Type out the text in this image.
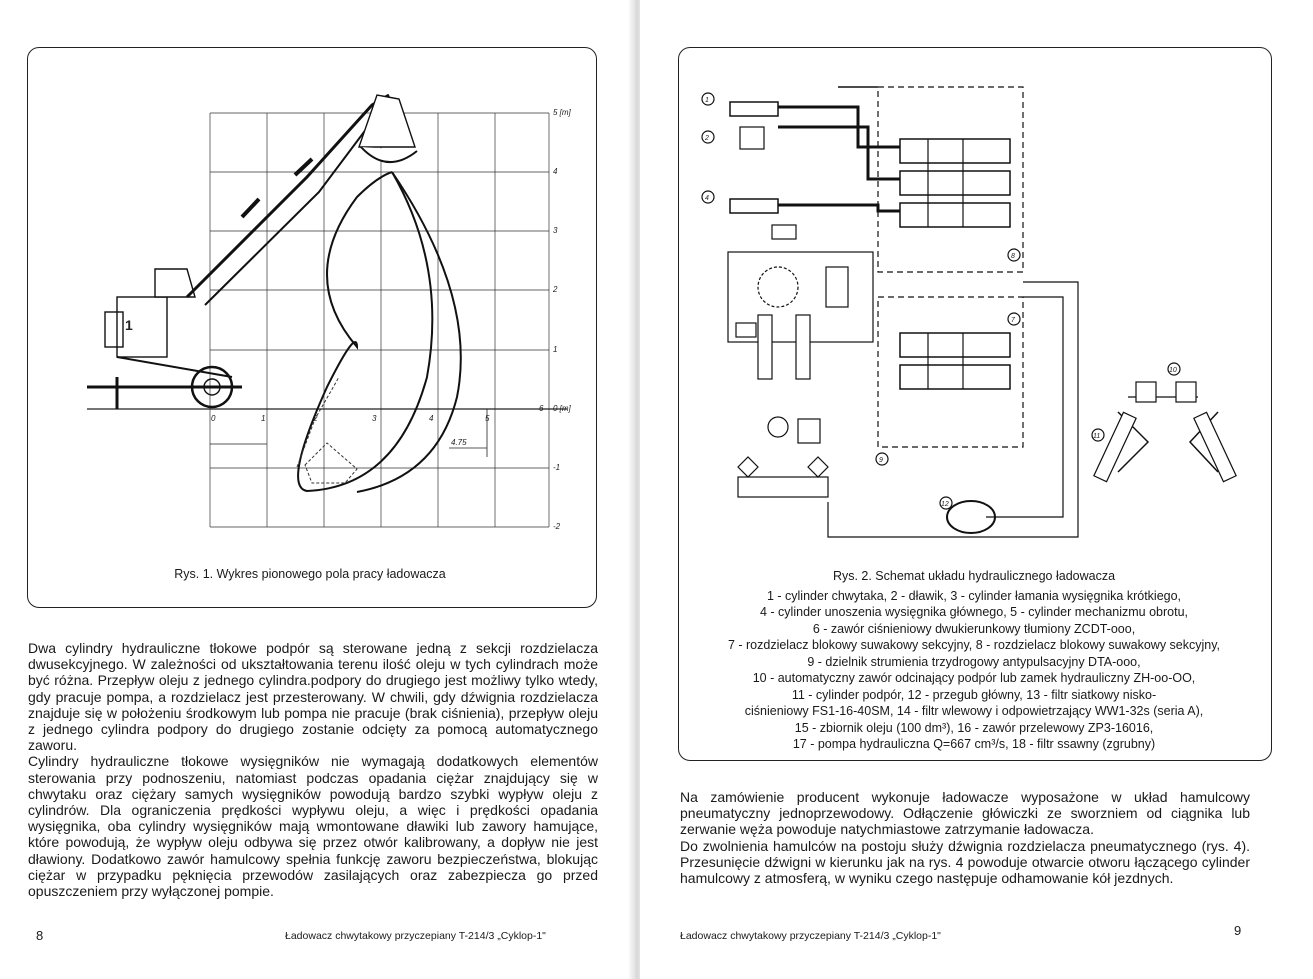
5 [m]
4
3
2
1
0 [m]
-1
-2
0	1	2	3	4	5
6
4.75
1
Rys. 1. Wykres pionowego pola pracy ładowacza

Dwa cylindry hydrauliczne tłokowe podpór są sterowane jedną z sekcji rozdzielacza dwusekcyjnego. W zależności od ukształtowania terenu ilość oleju w tych cylindrach może być różna. Przepływ oleju z jednego cylindra.podpory do drugiego jest możliwy tylko wtedy, gdy pracuje pompa, a rozdzielacz jest przesterowany. W chwili, gdy dźwignia rozdzielacza znajduje się w położeniu środkowym lub pompa nie pracuje (brak ciśnienia), przepływ oleju z jednego cylindra podpory do drugiego zostanie odcięty za pomocą automatycznego zaworu.

Cylindry hydrauliczne tłokowe wysięgników nie wymagają dodatkowych elementów sterowania przy podnoszeniu, natomiast podczas opadania ciężar znajdujący się w chwytaku oraz ciężary samych wysięgników powodują bardzo szybki wypływ oleju z cylindrów. Dla ograniczenia prędkości wypływu oleju, a więc i prędkości opadania wysięgnika, oba cylindry wysięgników mają wmontowane dławiki lub zawory hamujące, które powodują, że wypływ oleju odbywa się przez otwór kalibrowany, a dopływ nie jest dławiony. Dodatkowo zawór hamulcowy spełnia funkcję zaworu bezpieczeństwa, blokując ciężar w przypadku pęknięcia przewodów zasilających oraz zabezpiecza go przed opuszczeniem przy wyłączonej pompie.

8	Ładowacz chwytakowy przyczepiany T-214/3 „Cyklop-1"
1
2
4
8
7
9
10
11
12
Rys. 2. Schemat układu hydraulicznego ładowacza
1 - cylinder chwytaka, 2 - dławik, 3 - cylinder łamania wysięgnika krótkiego,
4 - cylinder unoszenia wysięgnika głównego, 5 - cylinder mechanizmu obrotu,
6 - zawór ciśnieniowy dwukierunkowy tłumiony ZCDT-ooo,
7 - rozdzielacz blokowy suwakowy sekcyjny, 8 - rozdzielacz blokowy suwakowy sekcyjny,
9 - dzielnik strumienia trzydrogowy antypulsacyjny DTA-ooo,
10 - automatyczny zawór odcinający podpór lub zamek hydrauliczny ZH-oo-OO,
11 - cylinder podpór, 12 - przegub główny, 13 - filtr siatkowy nisko-
ciśnieniowy FS1-16-40SM, 14 - filtr wlewowy i odpowietrzający WW1-32s (seria A),
15 - zbiornik oleju (100 dm³), 16 - zawór przelewowy ZP3-16016,
17 - pompa hydrauliczna Q=667 cm³/s, 18 - filtr ssawny (zgrubny)

Na zamówienie producent wykonuje ładowacze wyposażone w układ hamulcowy pneumatyczny jednoprzewodowy. Odłączenie główiczki ze sworzniem od ciągnika lub zerwanie węża powoduje natychmiastowe zatrzymanie ładowacza.

Do zwolnienia hamulców na postoju służy dźwignia rozdzielacza pneumatycznego (rys. 4). Przesunięcie dźwigni w kierunku jak na rys. 4 powoduje otwarcie otworu łączącego cylinder hamulcowy z atmosferą, w wyniku czego następuje odhamowanie kół jezdnych.

Ładowacz chwytakowy przyczepiany T-214/3 „Cyklop-1"	9
